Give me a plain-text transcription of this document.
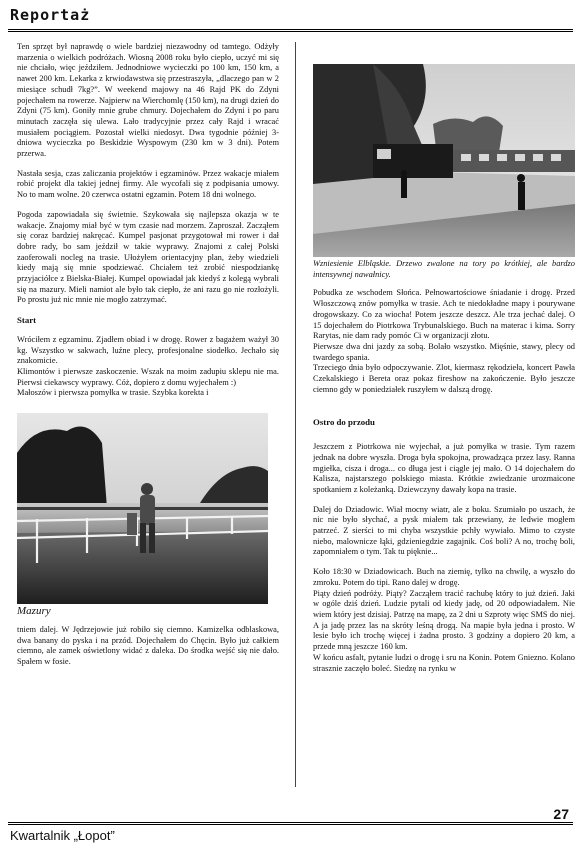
Reportaż

Ten sprzęt był naprawdę o wiele bardziej niezawodny od tamtego. Odżyły marzenia o wielkich podróżach. Wiosną 2008 roku było ciepło, uczyć mi się nie chciało, więc jeździłem. Jednodniowe wycieczki po 100 km, 150 km, a nawet 200 km. Lekarka z krwiodawstwa się przestraszyła, „dlaczego pan w 2 miesiące schudł 7kg?”. W weekend majowy na 46 Rajd PK do Zdyni pojechałem na rowerze. Najpierw na Wierchomlę (150 km), na drugi dzień do Zdyni (75 km). Goniły mnie grube chmury. Dojechałem do Zdyni i po paru minutach zaczęła się ulewa. Lało tradycyjnie przez cały Rajd i wracać musiałem pociągiem. Pozostał wielki niedosyt. Dwa tygodnie później 3-dniowa wycieczka po Beskidzie Wyspowym (230 km w 3 dni). Potem przerwa.

Nastała sesja, czas zaliczania projektów i egzaminów. Przez wakacje miałem robić projekt dla takiej jednej firmy. Ale wycofali się z podpisania umowy. No to mam wolne. 20 czerwca ostatni egzamin. Potem 18 dni wolnego.

Pogoda zapowiadała się świetnie. Szykowała się najlepsza okazja w te wakacje. Znajomy miał być w tym czasie nad morzem. Zaproszał. Zacząłem się coraz bardziej nakręcać. Kumpel pasjonat przygotował mi rower i dał dobre rady, bo sam jeździł w takie wyprawy. Znajomi z całej Polski zaoferowali nocleg na trasie. Ułożyłem orientacyjny plan, żeby wiedzieli kiedy mają się mnie spodziewać. Chciałem też zrobić niespodziankę przyjaciółce z Bielska-Białej. Kumpel opowiadał jak kiedyś z kolegą wybrali się na mazury. Mieli namiot ale było tak ciepło, że ani razu go nie rozłożyli. Po prostu już nic mnie nie mogło zatrzymać.

Start

Wróciłem z egzaminu. Zjadłem obiad i w drogę. Rower z bagażem ważył 30 kg. Wszystko w sakwach, luźne plecy, profesjonalne siodełko. Jechało się znakomicie.

Klimontów i pierwsze zaskoczenie. Wszak na moim zadupiu sklepu nie ma. Pierwsi ciekawscy wyprawy. Cóż, dopiero z domu wyjechałem :)

Małoszów i pierwsza pomyłka w trasie. Szybka korekta i

Mazury

tniem dalej. W Jędrzejowie już robiło się ciemno. Kamizelka odblaskowa, dwa banany do pyska i na przód. Dojechałem do Chęcin. Było już całkiem ciemno, ale zamek oświetlony widać z daleka. Do środka wejść się nie dało. Spałem w fosie.

Wzniesienie Elbląskie. Drzewo zwalone na tory po krótkiej, ale bardzo intensywnej nawałnicy.

Pobudka ze wschodem Słońca. Pełnowartościowe śniadanie i drogę. Przed Włoszczową znów pomyłka w trasie. Ach te niedokładne mapy i pourywane drogowskazy. Co za wiocha! Potem jeszcze deszcz. Ale trza jechać dalej. O 15 dojechałem do Piotrkowa Trybunalskiego. Buch na materac i kima. Sorry Rarytas, nie dam rady pomóc Ci w organizacji złotu.

Pierwsze dwa dni jazdy za sobą. Bolało wszystko. Mięśnie, stawy, plecy od twardego spania.

Trzeciego dnia było odpoczywanie. Zlot, kiermasz rękodzieła, koncert Pawła Czekalskiego i Bereta oraz pokaz fireshow na zakończenie. Było jeszcze ciemno gdy w poniedziałek ruszyłem w dalszą drogę.

Ostro do przodu

Jeszczem z Piotrkowa nie wyjechał, a już pomyłka w trasie. Tym razem jednak na dobre wyszła. Droga była spokojna, prowadząca przez lasy. Ranna mgiełka, cisza i droga... co długa jest i ciągle jej mało. O 14 dojechałem do Kalisza, najstarszego polskiego miasta. Krótkie zwiedzanie urozmaicone spotkaniem z koleżanką. Dziewczyny dawały kopa na trasie.

Dalej do Dziadowic. Wiał mocny wiatr, ale z boku. Szumiało po uszach, że nic nie było słychać, a pysk miałem tak przewiany, że ledwie mogłem patrzeć. Z sierści to mi chyba wszystkie pchły wywiało. Mimo to czyste niebo, malownicze łąki, gdzieniegdzie zagajnik. Coś boli? A no, trochę boli, zapomniałem o tym. Tak tu pięknie...

Koło 18:30 w Dziadowicach. Buch na ziemię, tylko na chwilę, a wyszło do zmroku. Potem do tipi. Rano dalej w drogę.

Piąty dzień podróży. Piąty? Zacząłem tracić rachubę który to już dzień. Jaki w ogóle dziś dzień. Ludzie pytali od kiedy jadę, od 20 odpowiadałem. Nie wiem który jest dzisiaj. Patrzę na mapę, za 2 dni u Szproty więc SMS do niej. A ja jadę przez las na skróty leśną drogą. Na mapie była jedna i prosto. W lesie było ich trochę więcej i żadna prosto. 3 godziny a dopiero 20 km, a przede mną jeszcze 160 km.

W końcu asfalt, pytanie ludzi o drogę i sru na Konin. Potem Gniezno. Kolano strasznie zaczęło boleć. Siedzę na rynku w

27
Kwartalnik „Łopot”
